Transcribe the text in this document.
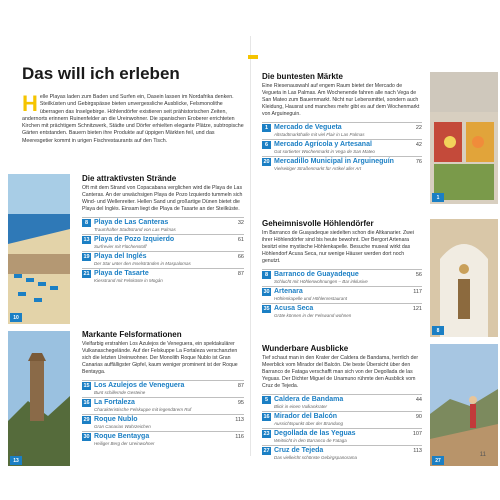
Das will ich erleben
H elle Playas laden zum Baden und Surfen ein, Dasein lassen im Nordafrika denken. Steilküsten und Gebirgspässe bieten unvergessliche Ausblicke, Felsmonolithe überragen das Inselgebirge. Höhlendörfer existieren seit prähistorischen Zeiten, andernorts erinnern Ruinenfelder an die Ureinwohner. Die spanischen Eroberer errichteten Kirchen mit prächtigem Schnitzwerk, Städte und Dörfer erhielten elegante Plätze, subtropische Gärten entstanden. Bauern bieten ihre Produkte auf üppigen Märkten feil, und das Meeresgetier kommt in urigen Fischrestaurants auf den Tisch.
10
13
Die attraktivsten Strände

Oft mit dem Strand von Copacabana verglichen wird die Playa de Las Canteras. An der unwächsigen Playa de Pozo Izquierdo tummeln sich Wind- und Wellenreiter. Hellen Sand und großartige Dünen bietet die Playa del Inglés. Einsam liegt die Playa de Tasarte an der Steilküste.

8 Playa de Las Canteras	32
Traumhafter Stadtstrand von Las Palmas
13 Playa de Pozo Izquierdo	61
Surfrevier mit Flüchenstoff
19 Playa del Inglés	66
Der Star unter den Inselstränden in Maspalomas
21 Playa de Tasarte	87
Kiesstrand mit Felsküste in Mogán
Markante Felsformationen

Vielfarbig erstrahlen Los Azulejos de Veneguera, ein spektakulärer Vulkanaschegelände. Auf der Felskuppe La Fortaleza verschanzten sich die letzten Ureinwohner. Der Monolith Roque Nublo ist Gran Canarias auffälligster Gipfel, kaum weniger prominent ist der Roque Bentayga.

15 Los Azulejos de Veneguera	87
Bunt schillernde Gesteine
16 La Fortaleza	95
Charakteristische Felskuppe mit legendärem Ruf
29 Roque Nublo	113
Gran Canarias Wahrzeichen
30 Roque Bentayga	116
Heiliger Berg der Ureinwohner
Die buntesten Märkte

Eine Riesenauswahl auf engem Raum bietet der Mercado de Vegueta in Las Palmas. Am Wochenende fahren alle nach Vega de San Mateo zum Bauernmarkt. Nicht nur Lebensmittel, sondern auch Kleidung, Hausrat und manches mehr gibt es auf dem Wochenmarkt von Arguineguin.

1 Mercado de Vegueta	22
Altstadtmarkthalle mit viel Flair in Las Palmas
6 Mercado Agrícola y Artesanal	42
Gut sortierter Wochenmarkt in Vega de San Mateo
20 Mercadillo Municipal in Arguineguín	76
Vielseitiger Straßenmarkt für Artikel aller Art
1
8
27
Geheimnisvolle Höhlendörfer

Im Barranco de Guayadeque siedelten schon die Altkanarier. Zwei ihrer Höhlendörfer sind bis heute bewohnt. Der Bergort Artenara besitzt eine mystische Höhlenkapelle. Besuche museal wirkt das Höhlendorf Acusa Seca, nur wenige Häuser werden dort noch genutzt.

8 Barranco de Guayadeque	56
Schlucht mit Höhlenwohnungen – Bar inklusive
30 Artenara	117
Höhlenkapelle und Höhlenrestaurant
35 Acusa Seca	121
Gräte können in der Felswand wohnen
Wunderbare Ausblicke

Tief schaut man in den Krater der Caldera de Bandama, herrlich der Meerblick vom Mirador del Balcón. Die beste Übersicht über den Barranco de Fataga verschafft man sich von der Degollada de las Yeguas. Der Dichter Miguel de Unamuno rühmte den Ausblick vom Cruz de Tejeda.

5 Caldera de Bandama	44
Blick in einen Vulkankrater
16 Mirador del Balcón	90
Aussichtspunkt über der Brandung
23 Degollada de las Yeguas	107
Weitsicht in den Barranco de Fataga
27 Cruz de Tejeda	113
Das vielleicht schönste Gebirgspanorama
10	11
